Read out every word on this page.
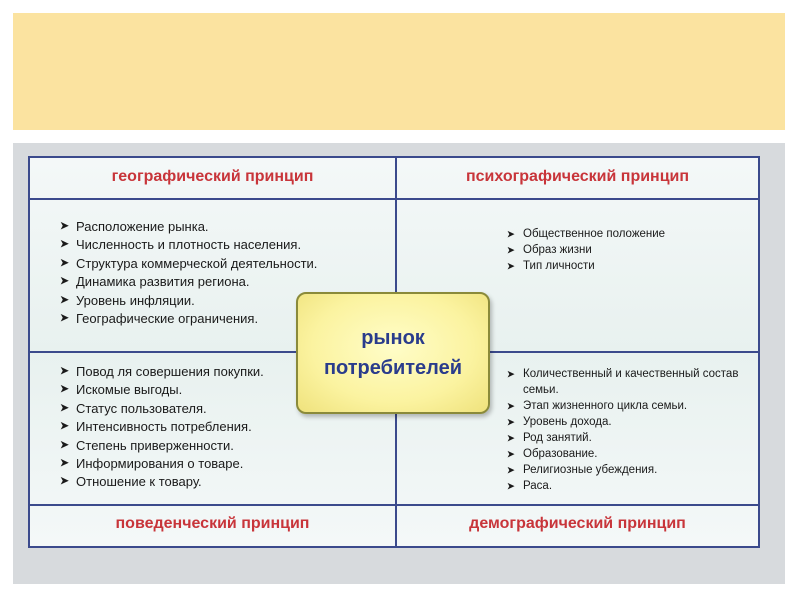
географический принцип	психографический принцип
поведенческий принцип	демографический принцип
➤ Расположение рынка.
➤ Численность и плотность населения.
➤ Структура коммерческой деятельности.
➤ Динамика развития региона.
➤ Уровень инфляции.
➤ Географические ограничения.
➤ Общественное положение
➤ Образ жизни
➤ Тип личности
➤ Повод ля совершения покупки.
➤ Искомые выгоды.
➤ Статус пользователя.
➤ Интенсивность потребления.
➤ Степень приверженности.
➤ Информирования о товаре.
➤ Отношение к товару.
➤ Количественный и качественный состав семьи.
➤ Этап жизненного цикла семьи.
➤ Уровень дохода.
➤ Род занятий.
➤ Образование.
➤ Религиозные убеждения.
➤ Раса.
рынок
потребителей
